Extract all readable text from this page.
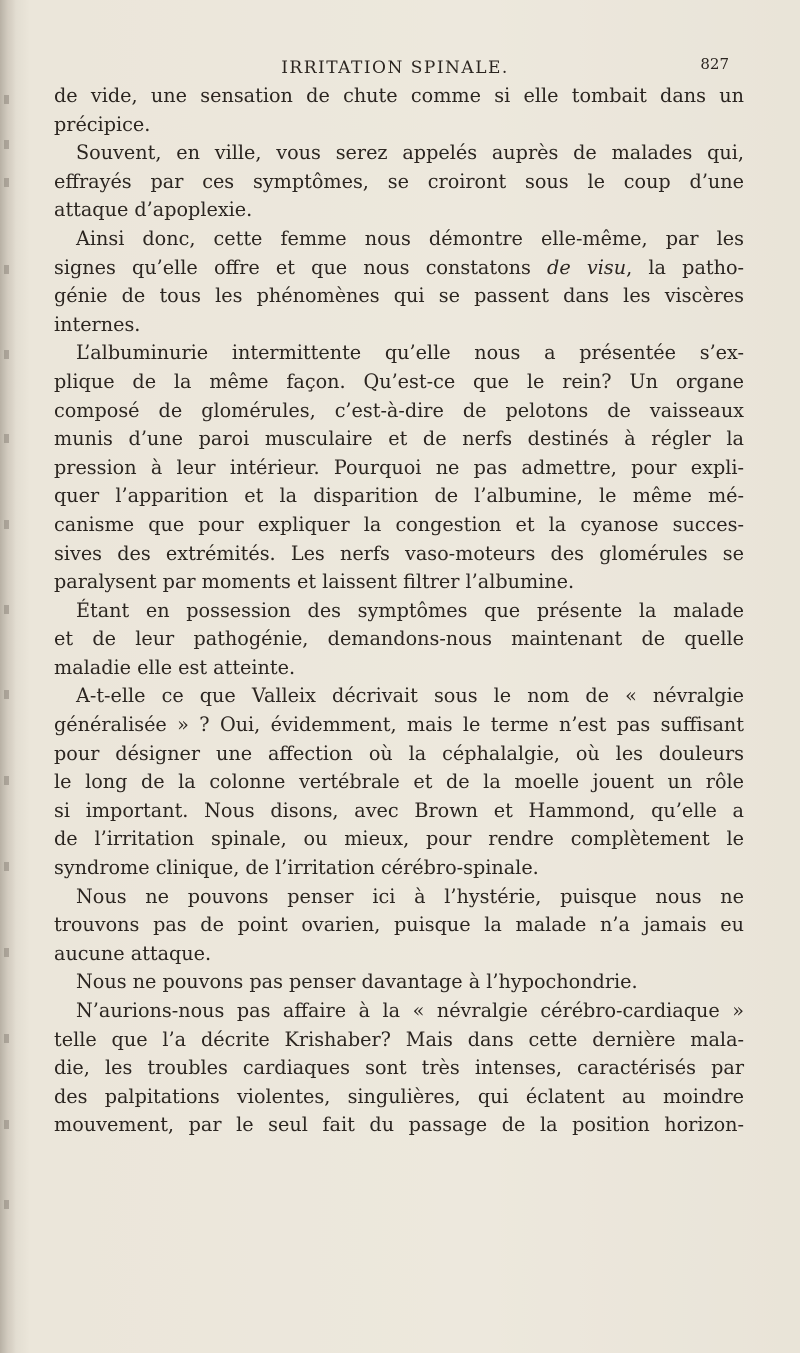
IRRITATION SPINALE.	827
de vide, une sensation de chute comme si elle tombait dans un
précipice.
Souvent, en ville, vous serez appelés auprès de malades qui,
effrayés par ces symptômes, se croiront sous le coup d’une
attaque d’apoplexie.
Ainsi donc, cette femme nous démontre elle-même, par les
signes qu’elle offre et que nous constatons de visu, la patho-
génie de tous les phénomènes qui se passent dans les viscères
internes.
L’albuminurie intermittente qu’elle nous a présentée s’ex-
plique de la même façon. Qu’est-ce que le rein? Un organe
composé de glomérules, c’est-à-dire de pelotons de vaisseaux
munis d’une paroi musculaire et de nerfs destinés à régler la
pression à leur intérieur. Pourquoi ne pas admettre, pour expli-
quer l’apparition et la disparition de l’albumine, le même mé-
canisme que pour expliquer la congestion et la cyanose succes-
sives des extrémités. Les nerfs vaso-moteurs des glomérules se
paralysent par moments et laissent filtrer l’albumine.
Étant en possession des symptômes que présente la malade
et de leur pathogénie, demandons-nous maintenant de quelle
maladie elle est atteinte.
A-t-elle ce que Valleix décrivait sous le nom de « névralgie
généralisée » ? Oui, évidemment, mais le terme n’est pas suffisant
pour désigner une affection où la céphalalgie, où les douleurs
le long de la colonne vertébrale et de la moelle jouent un rôle
si important. Nous disons, avec Brown et Hammond, qu’elle a
de l’irritation spinale, ou mieux, pour rendre complètement le
syndrome clinique, de l’irritation cérébro-spinale.
Nous ne pouvons penser ici à l’hystérie, puisque nous ne
trouvons pas de point ovarien, puisque la malade n’a jamais eu
aucune attaque.
Nous ne pouvons pas penser davantage à l’hypochondrie.
N’aurions-nous pas affaire à la « névralgie cérébro-cardiaque »
telle que l’a décrite Krishaber? Mais dans cette dernière mala-
die, les troubles cardiaques sont très intenses, caractérisés par
des palpitations violentes, singulières, qui éclatent au moindre
mouvement, par le seul fait du passage de la position horizon-
